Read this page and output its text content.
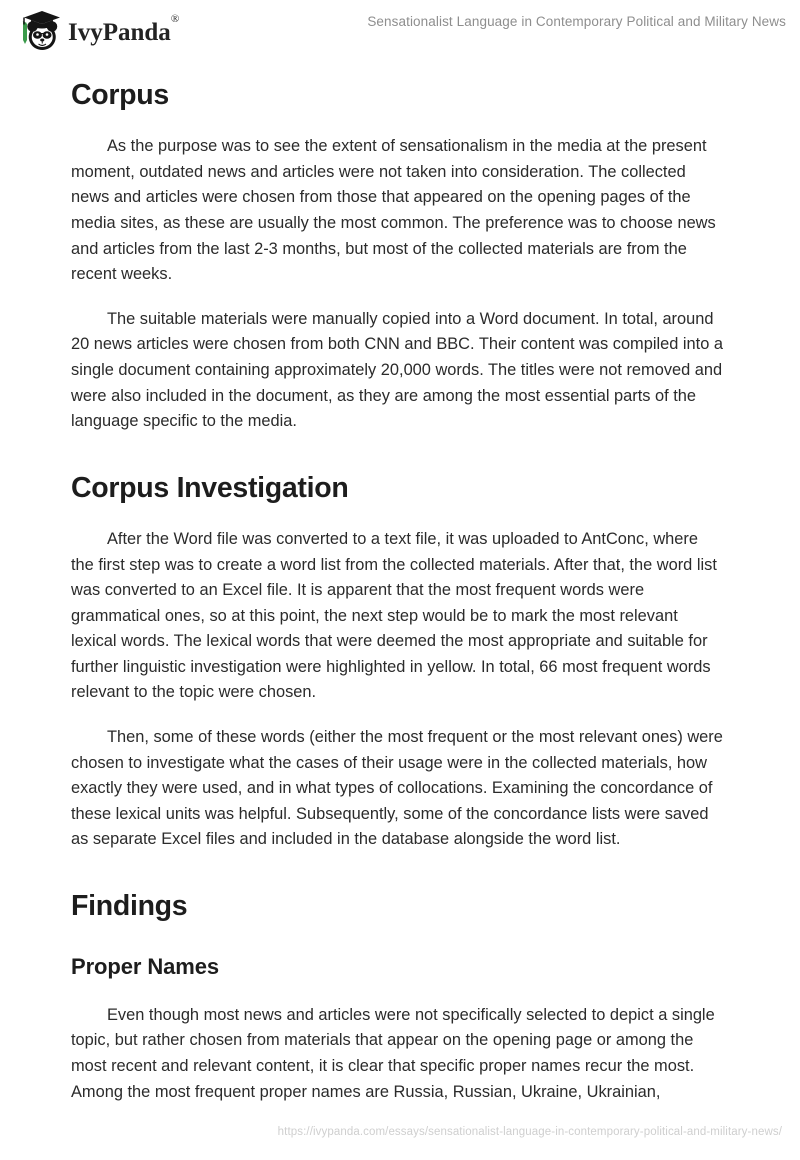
IvyPanda®	Sensationalist Language in Contemporary Political and Military News
Corpus

As the purpose was to see the extent of sensationalism in the media at the present moment, outdated news and articles were not taken into consideration. The collected news and articles were chosen from those that appeared on the opening pages of the media sites, as these are usually the most common. The preference was to choose news and articles from the last 2-3 months, but most of the collected materials are from the recent weeks.

The suitable materials were manually copied into a Word document. In total, around 20 news articles were chosen from both CNN and BBC. Their content was compiled into a single document containing approximately 20,000 words. The titles were not removed and were also included in the document, as they are among the most essential parts of the language specific to the media.

Corpus Investigation

After the Word file was converted to a text file, it was uploaded to AntConc, where the first step was to create a word list from the collected materials. After that, the word list was converted to an Excel file. It is apparent that the most frequent words were grammatical ones, so at this point, the next step would be to mark the most relevant lexical words. The lexical words that were deemed the most appropriate and suitable for further linguistic investigation were highlighted in yellow. In total, 66 most frequent words relevant to the topic were chosen.

Then, some of these words (either the most frequent or the most relevant ones) were chosen to investigate what the cases of their usage were in the collected materials, how exactly they were used, and in what types of collocations. Examining the concordance of these lexical units was helpful. Subsequently, some of the concordance lists were saved as separate Excel files and included in the database alongside the word list.

Findings
Proper Names

Even though most news and articles were not specifically selected to depict a single topic, but rather chosen from materials that appear on the opening page or among the most recent and relevant content, it is clear that specific proper names recur the most. Among the most frequent proper names are Russia, Russian, Ukraine, Ukrainian,

https://ivypanda.com/essays/sensationalist-language-in-contemporary-political-and-military-news/
